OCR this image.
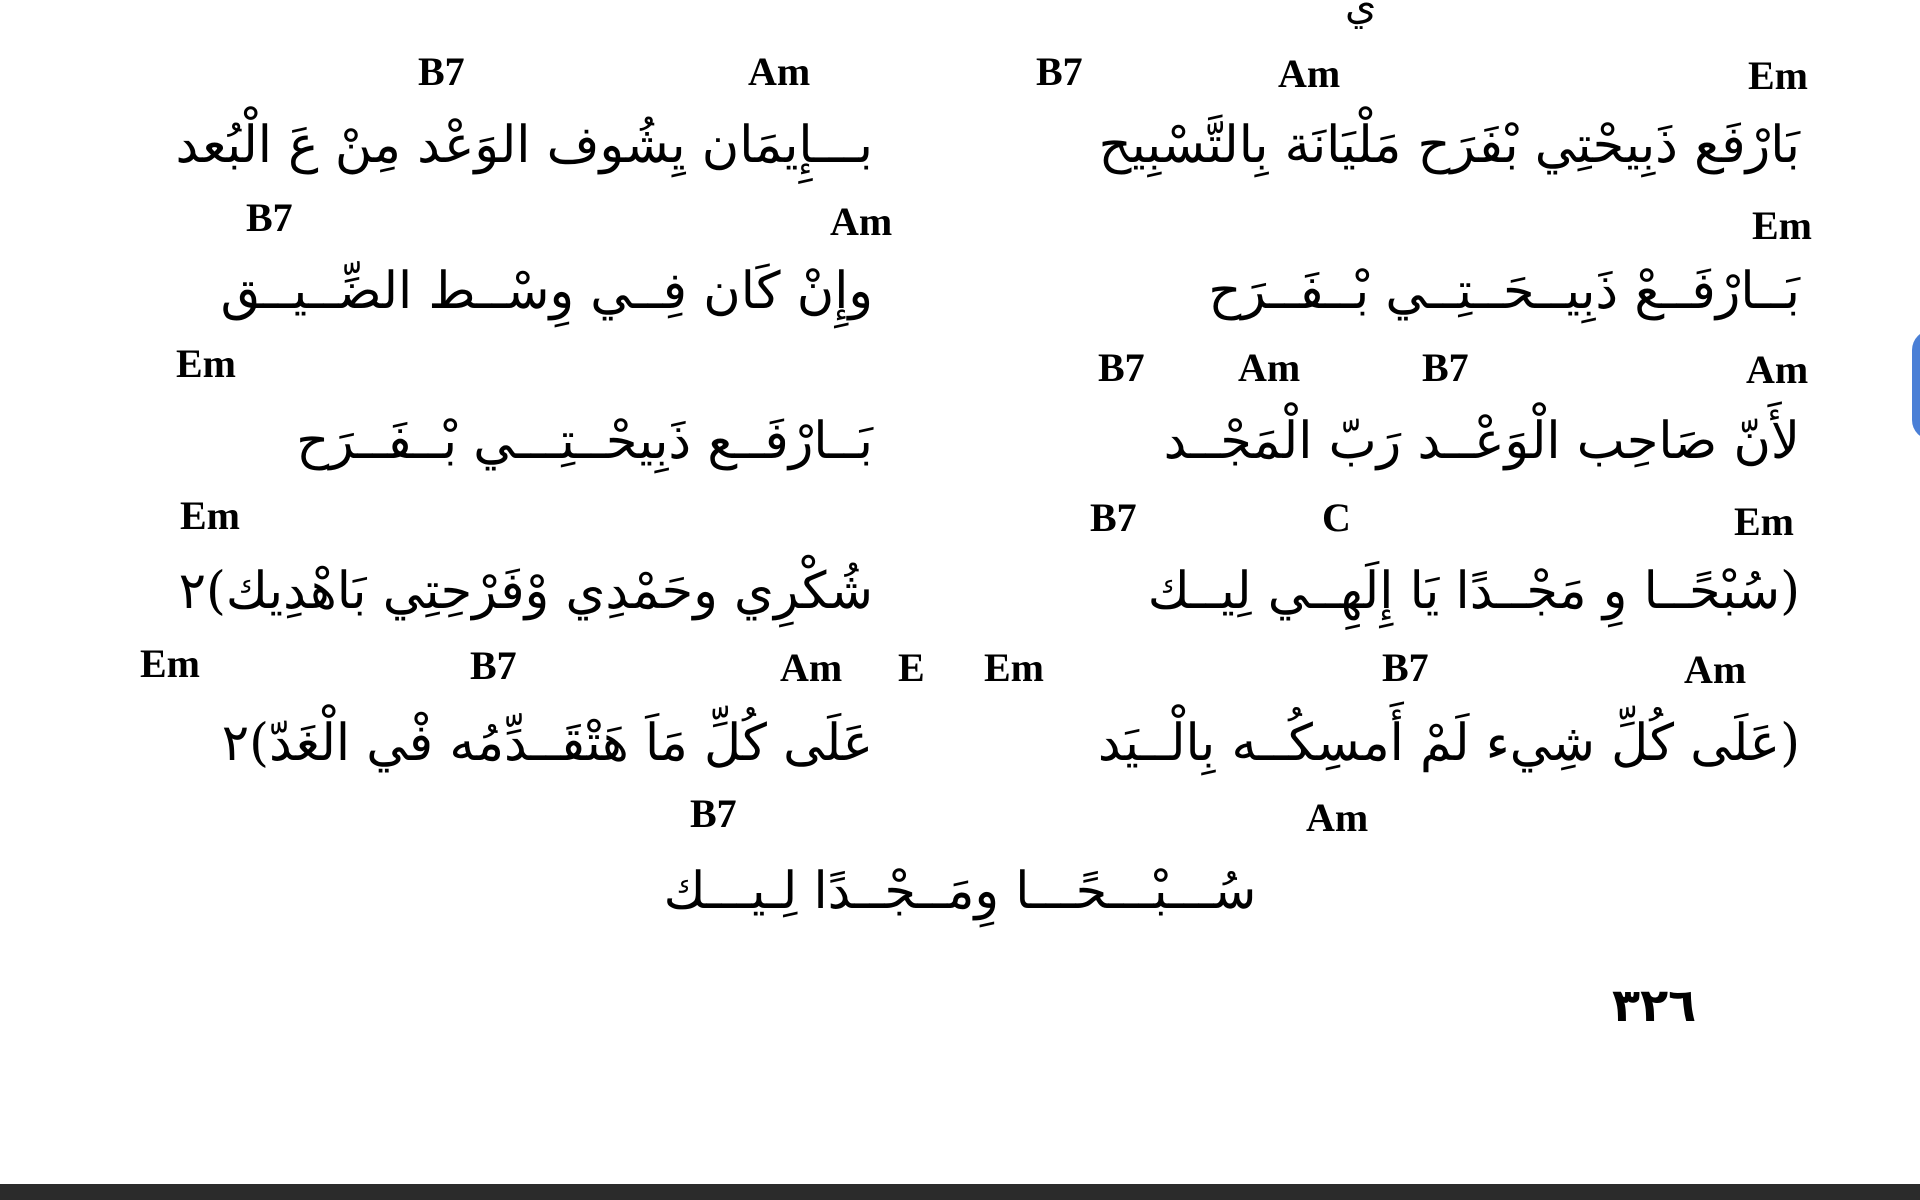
ي
B7	Am	B7	Am	Em
بَارْفَع ذَبِيحْتِي بْفَرَح مَلْيَانَة بِالتَّسْبِيح
بـــإِيمَان يِشُوف الوَعْد مِنْ عَ الْبُعد
B7	Am	Em
بَــارْفَــعْ ذَبِيــحَــتِــي بْــفَــرَح
وإِنْ كَان فِــي وِسْــط الضِّــيــق
Em	B7 Am	B7	Am
لأَنّ صَاحِب الْوَعْــد رَبّ الْمَجْــد
بَــارْفَــع ذَبِيحْــتِـــي بْــفَــرَح
Em	B7	C	Em
(سُبْحًــا وِ مَجْــدًا يَا إِلَهِــي لِيــك
شُكْرِي وحَمْدِي وْفَرْحِتِي بَاهْدِيك)٢
Em	B7	Am E Em	B7	Am
(عَلَى كُلِّ شِيء لَمْ أَمسِكُــه بِالْــيَد
عَلَى كُلِّ مَاَ هَتْقَــدِّمُه فْي الْغَدّ)٢
B7	Am
سُـــبْـــحًـــا وِمَــجْــدًا لِـيـــك
٣٢٦
